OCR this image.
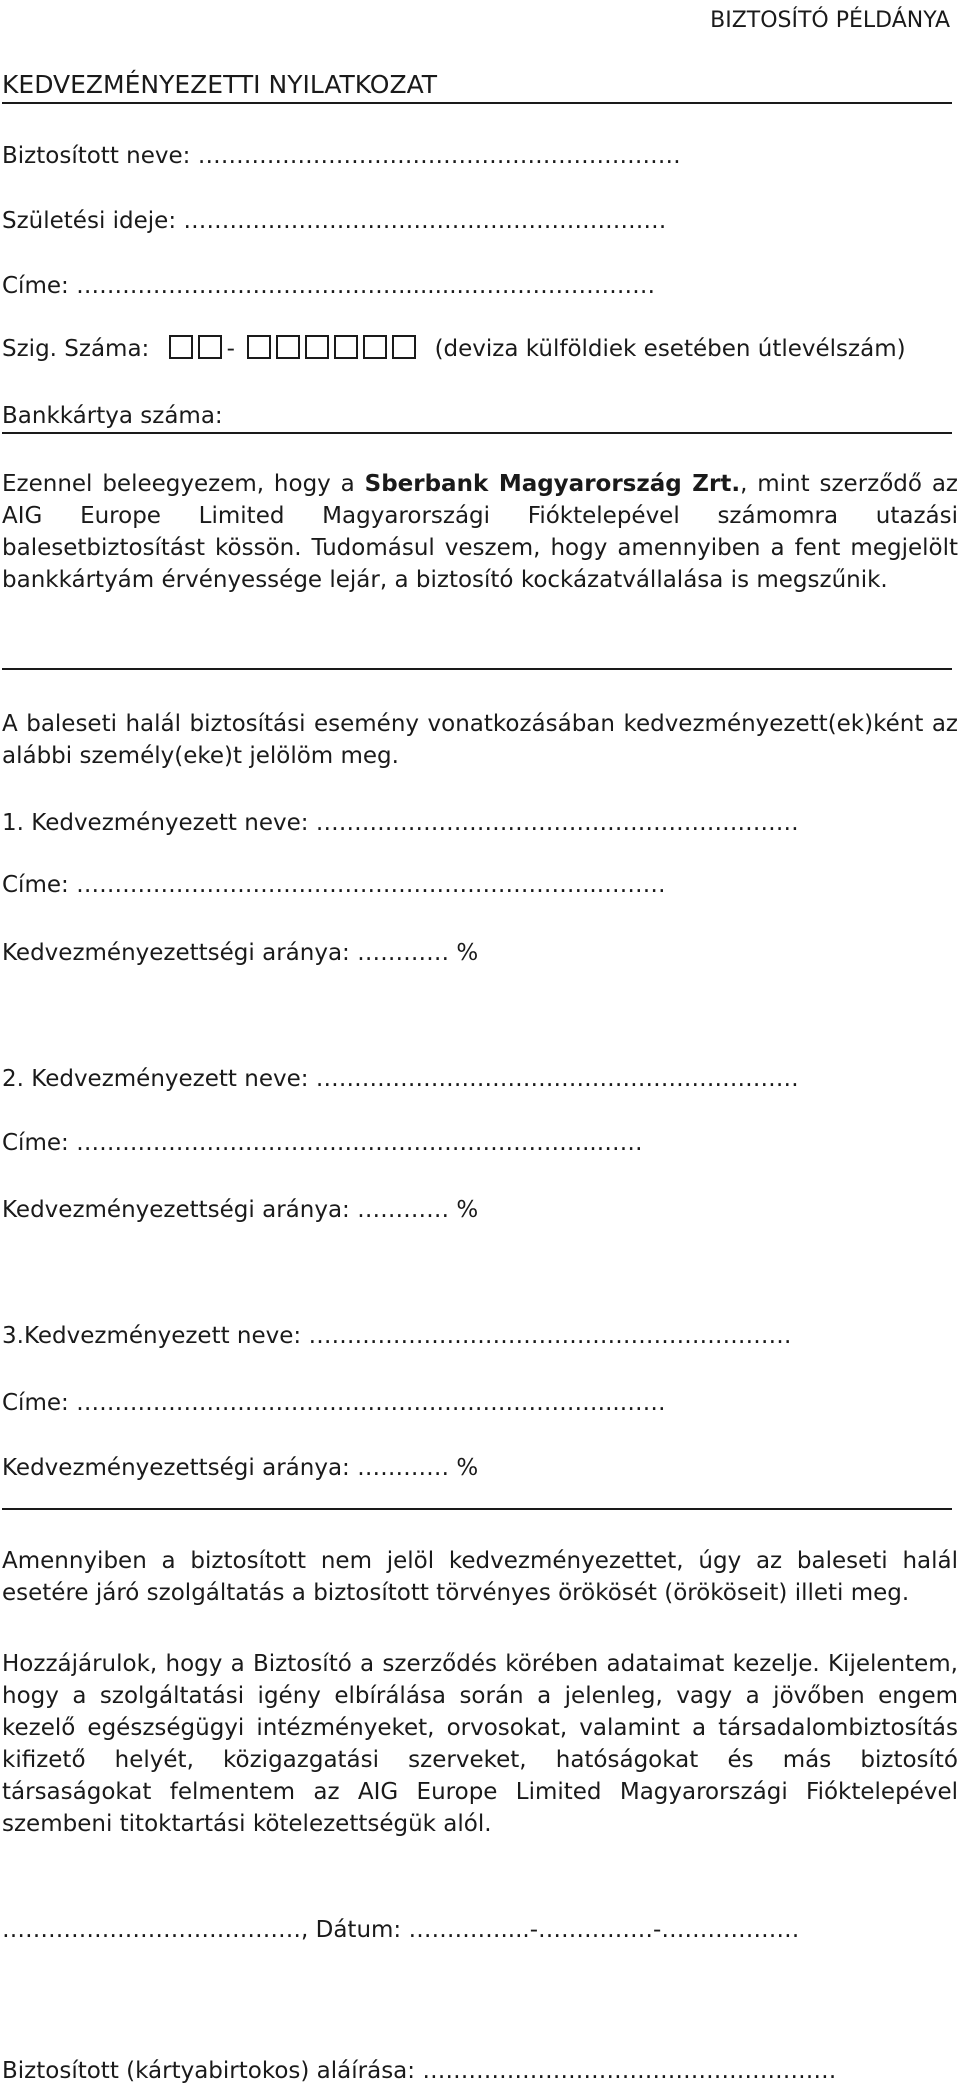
BIZTOSÍTÓ PÉLDÁNYA
KEDVEZMÉNYEZETTI NYILATKOZAT
Biztosított neve: ………………………………………………………
Születési ideje: ………………………………………………………
Címe: ……………………………………..........……………………
Szig. Száma:	-	(deviza külföldiek esetében útlevélszám)
Bankkártya száma:
Ezennel beleegyezem, hogy a Sberbank Magyarország Zrt., mint szerződő az AIG Europe Limited Magyarországi Fióktelepével számomra utazási balesetbiztosítást kössön. Tudomásul veszem, hogy amennyiben a fent megjelölt bankkártyám érvényessége lejár, a biztosító kockázatvállalása is megszűnik.
A baleseti halál biztosítási esemény vonatkozásában kedvezményezett(ek)ként az alábbi személy(eke)t jelölöm meg.
1. Kedvezményezett neve: ………………………………………………………
Címe: …………………………………………………………..………
Kedvezményezettségi aránya: ………… %
2. Kedvezményezett neve: ………………………………………………………
Címe: …………………………………………………………..……
Kedvezményezettségi aránya: ………… %
3.Kedvezményezett neve: ………………………………………………………
Címe: ……………………………………………………………..……
Kedvezményezettségi aránya: ………… %
Amennyiben a biztosított nem jelöl kedvezményezettet, úgy az baleseti halál esetére járó szolgáltatás a biztosított törvényes örökösét (örököseit) illeti meg.
Hozzájárulok, hogy a Biztosító a szerződés körében adataimat kezelje. Kijelentem, hogy a szolgáltatási igény elbírálása során a jelenleg, vagy a jövőben engem kezelő egészségügyi intézményeket, orvosokat, valamint a társadalombiztosítás kifizető helyét, közigazgatási szerveket, hatóságokat és más biztosító társaságokat felmentem az AIG Europe Limited Magyarországi Fióktelepével szembeni titoktartási kötelezettségük alól.
…………………………………, Dátum: …………....-……………-………………
Biztosított (kártyabirtokos) aláírása: ………………………………………………
